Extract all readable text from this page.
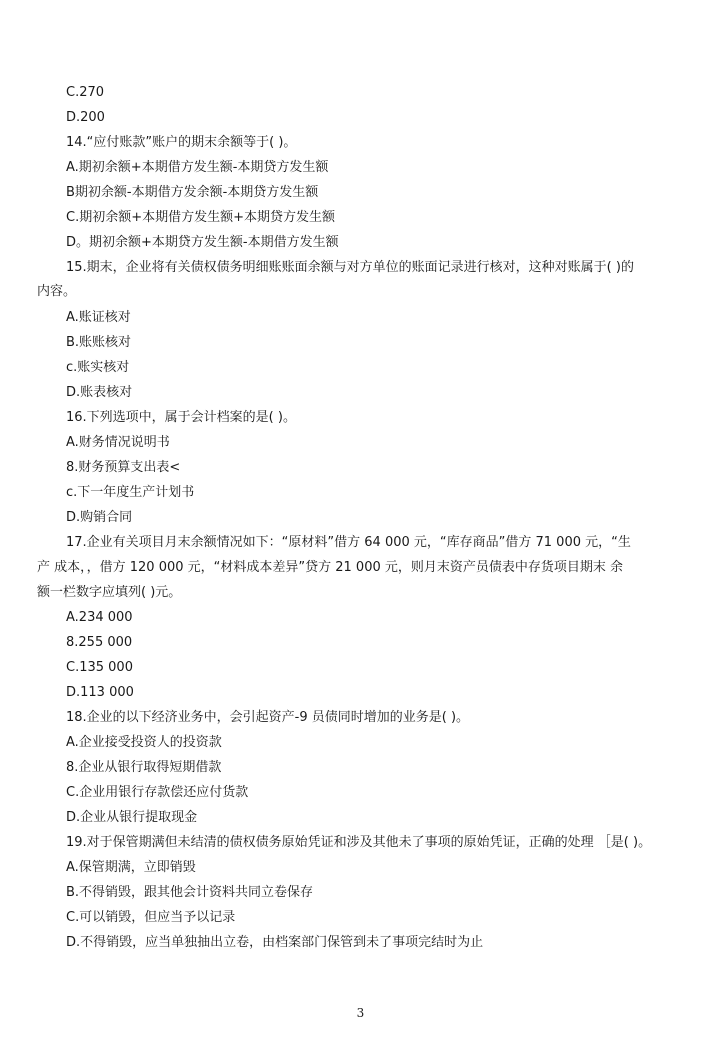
C.270
D.200
14.“应付账款”账户的期末余额等于( )。
A.期初余额+本期借方发生额-本期贷方发生额
B期初余额-本期借方发余额-本期贷方发生额
C.期初余额+本期借方发生额+本期贷方发生额
D。期初余额+本期贷方发生额-本期借方发生额
15.期末，企业将有关债权债务明细账账面余额与对方单位的账面记录进行核对，这种对账属于( )的
内容。
A.账证核对
B.账账核对
c.账实核对
D.账表核对
16.下列选项中，属于会计档案的是( )。
A.财务情况说明书
8.财务预算支出表<
c.下一年度生产计划书
D.购销合同
17.企业有关项目月末余额情况如下：“原材料”借方 64 000 元，“库存商品”借方 71 000 元，“生
产 成本，，借方 120 000 元，“材料成本差异”贷方 21 000 元，则月末资产员债表中存货项目期末 余
额一栏数字应填列( )元。
A.234 000
8.255 000
C.135 000
D.113 000
18.企业的以下经济业务中，会引起资产-9 员债同时增加的业务是( )。
A.企业接受投资人的投资款
8.企业从银行取得短期借款
C.企业用银行存款偿还应付货款
D.企业从银行提取现金
19.对于保管期满但未结清的债权债务原始凭证和涉及其他未了事项的原始凭证，正确的处理 ［是( )。
A.保管期满，立即销毁
B.不得销毁，跟其他会计资料共同立卷保存
C.可以销毁，但应当予以记录
D.不得销毁，应当单独抽出立卷，由档案部门保管到未了事项完结时为止
3
